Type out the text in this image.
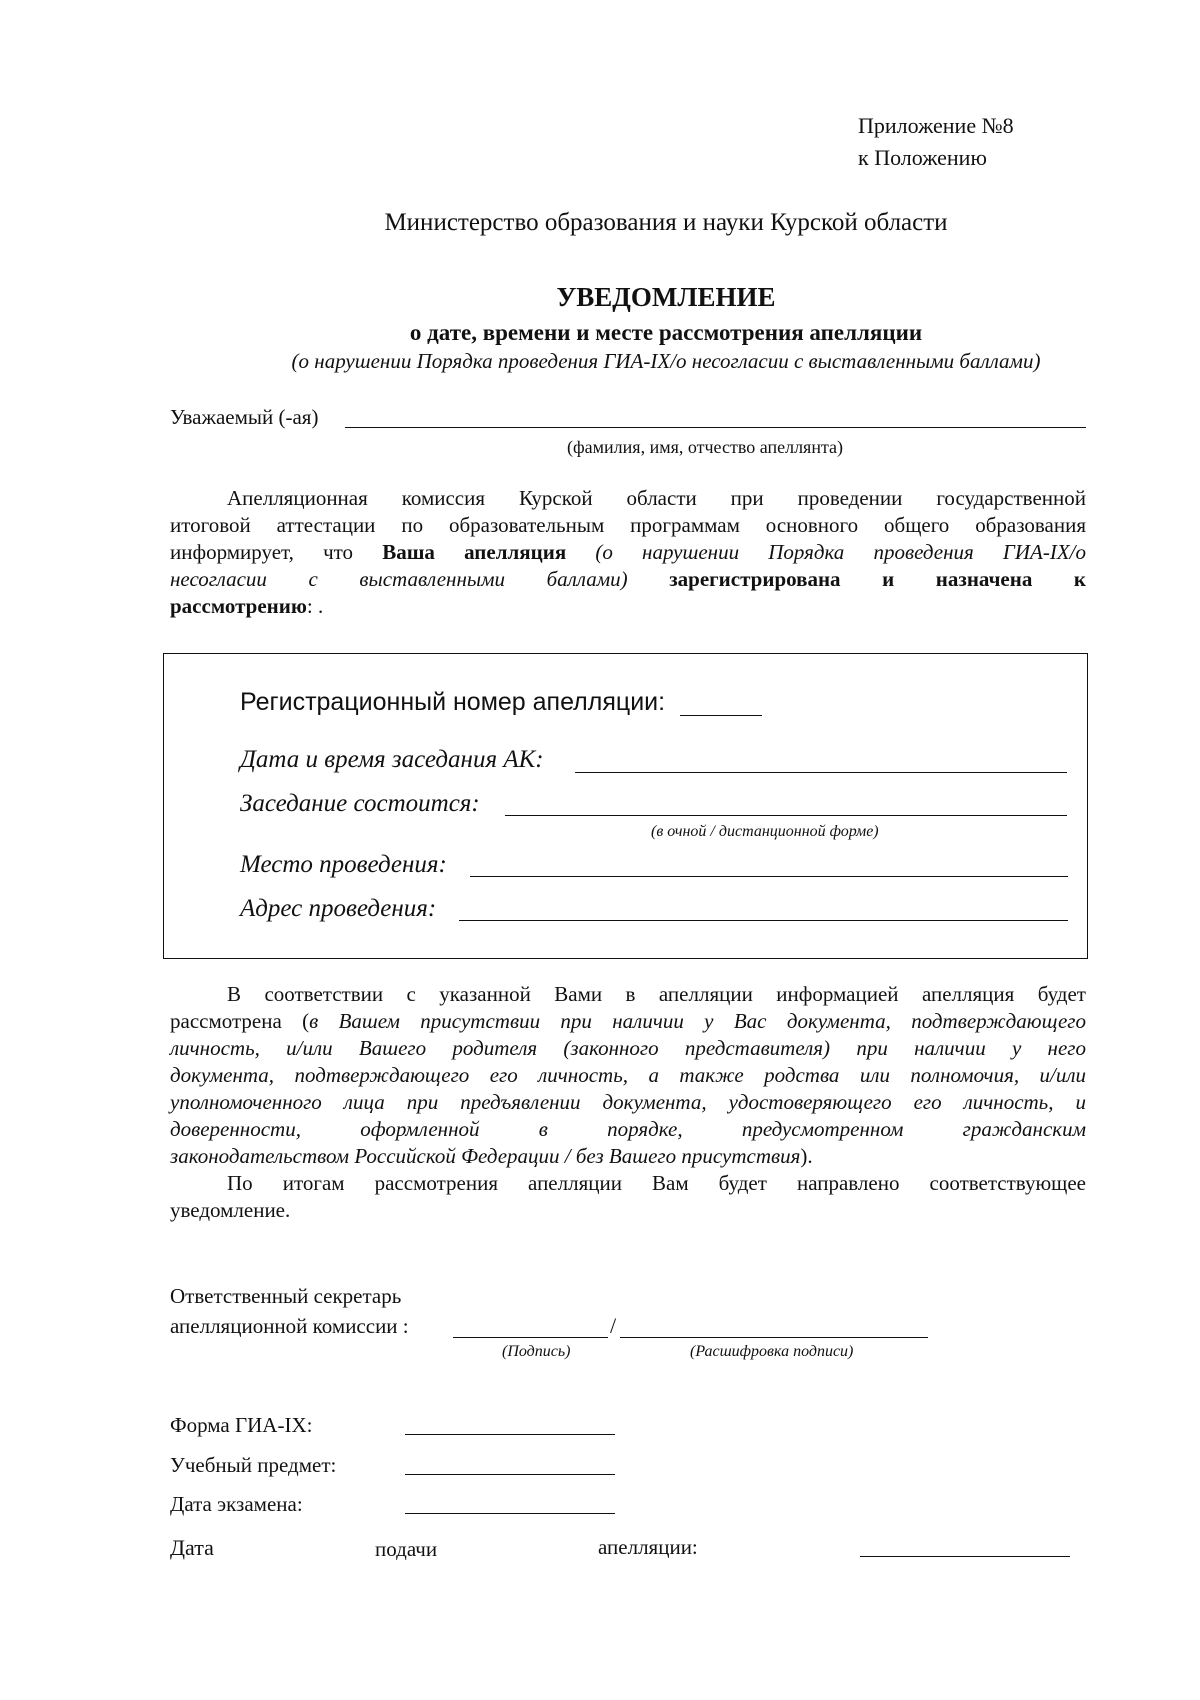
Приложение №8
к Положению
Министерство образования и науки Курской области
УВЕДОМЛЕНИЕ
о дате, времени и месте рассмотрения апелляции
(о нарушении Порядка проведения ГИА-IX/о несогласии с выставленными баллами)
Уважаемый (-ая)
(фамилия, имя, отчество апеллянта)
Апелляционная комиссия Курской области при проведении государственной
итоговой аттестации по образовательным программам основного общего образования
информирует, что Ваша апелляция (о нарушении Порядка проведения ГИА-IX/о
несогласии с выставленными баллами) зарегистрирована и назначена к
рассмотрению: .
Регистрационный номер апелляции:
Дата и время заседания АК:
Заседание состоится:
(в очной / дистанционной форме)
Место проведения:
Адрес проведения:
В соответствии с указанной Вами в апелляции информацией апелляция будет
рассмотрена (в Вашем присутствии при наличии у Вас документа, подтверждающего
личность, и/или Вашего родителя (законного представителя) при наличии у него
документа, подтверждающего его личность, а также родства или полномочия, и/или
уполномоченного лица при предъявлении документа, удостоверяющего его личность, и
доверенности, оформленной в порядке, предусмотренном гражданским
законодательством Российской Федерации / без Вашего присутствия).
По итогам рассмотрения апелляции Вам будет направлено соответствующее
уведомление.
Ответственный секретарь
апелляционной комиссии :	/
(Подпись)	(Расшифровка подписи)
Форма ГИА-IX:
Учебный предмет:
Дата экзамена:
Дата	подачи	апелляции:
